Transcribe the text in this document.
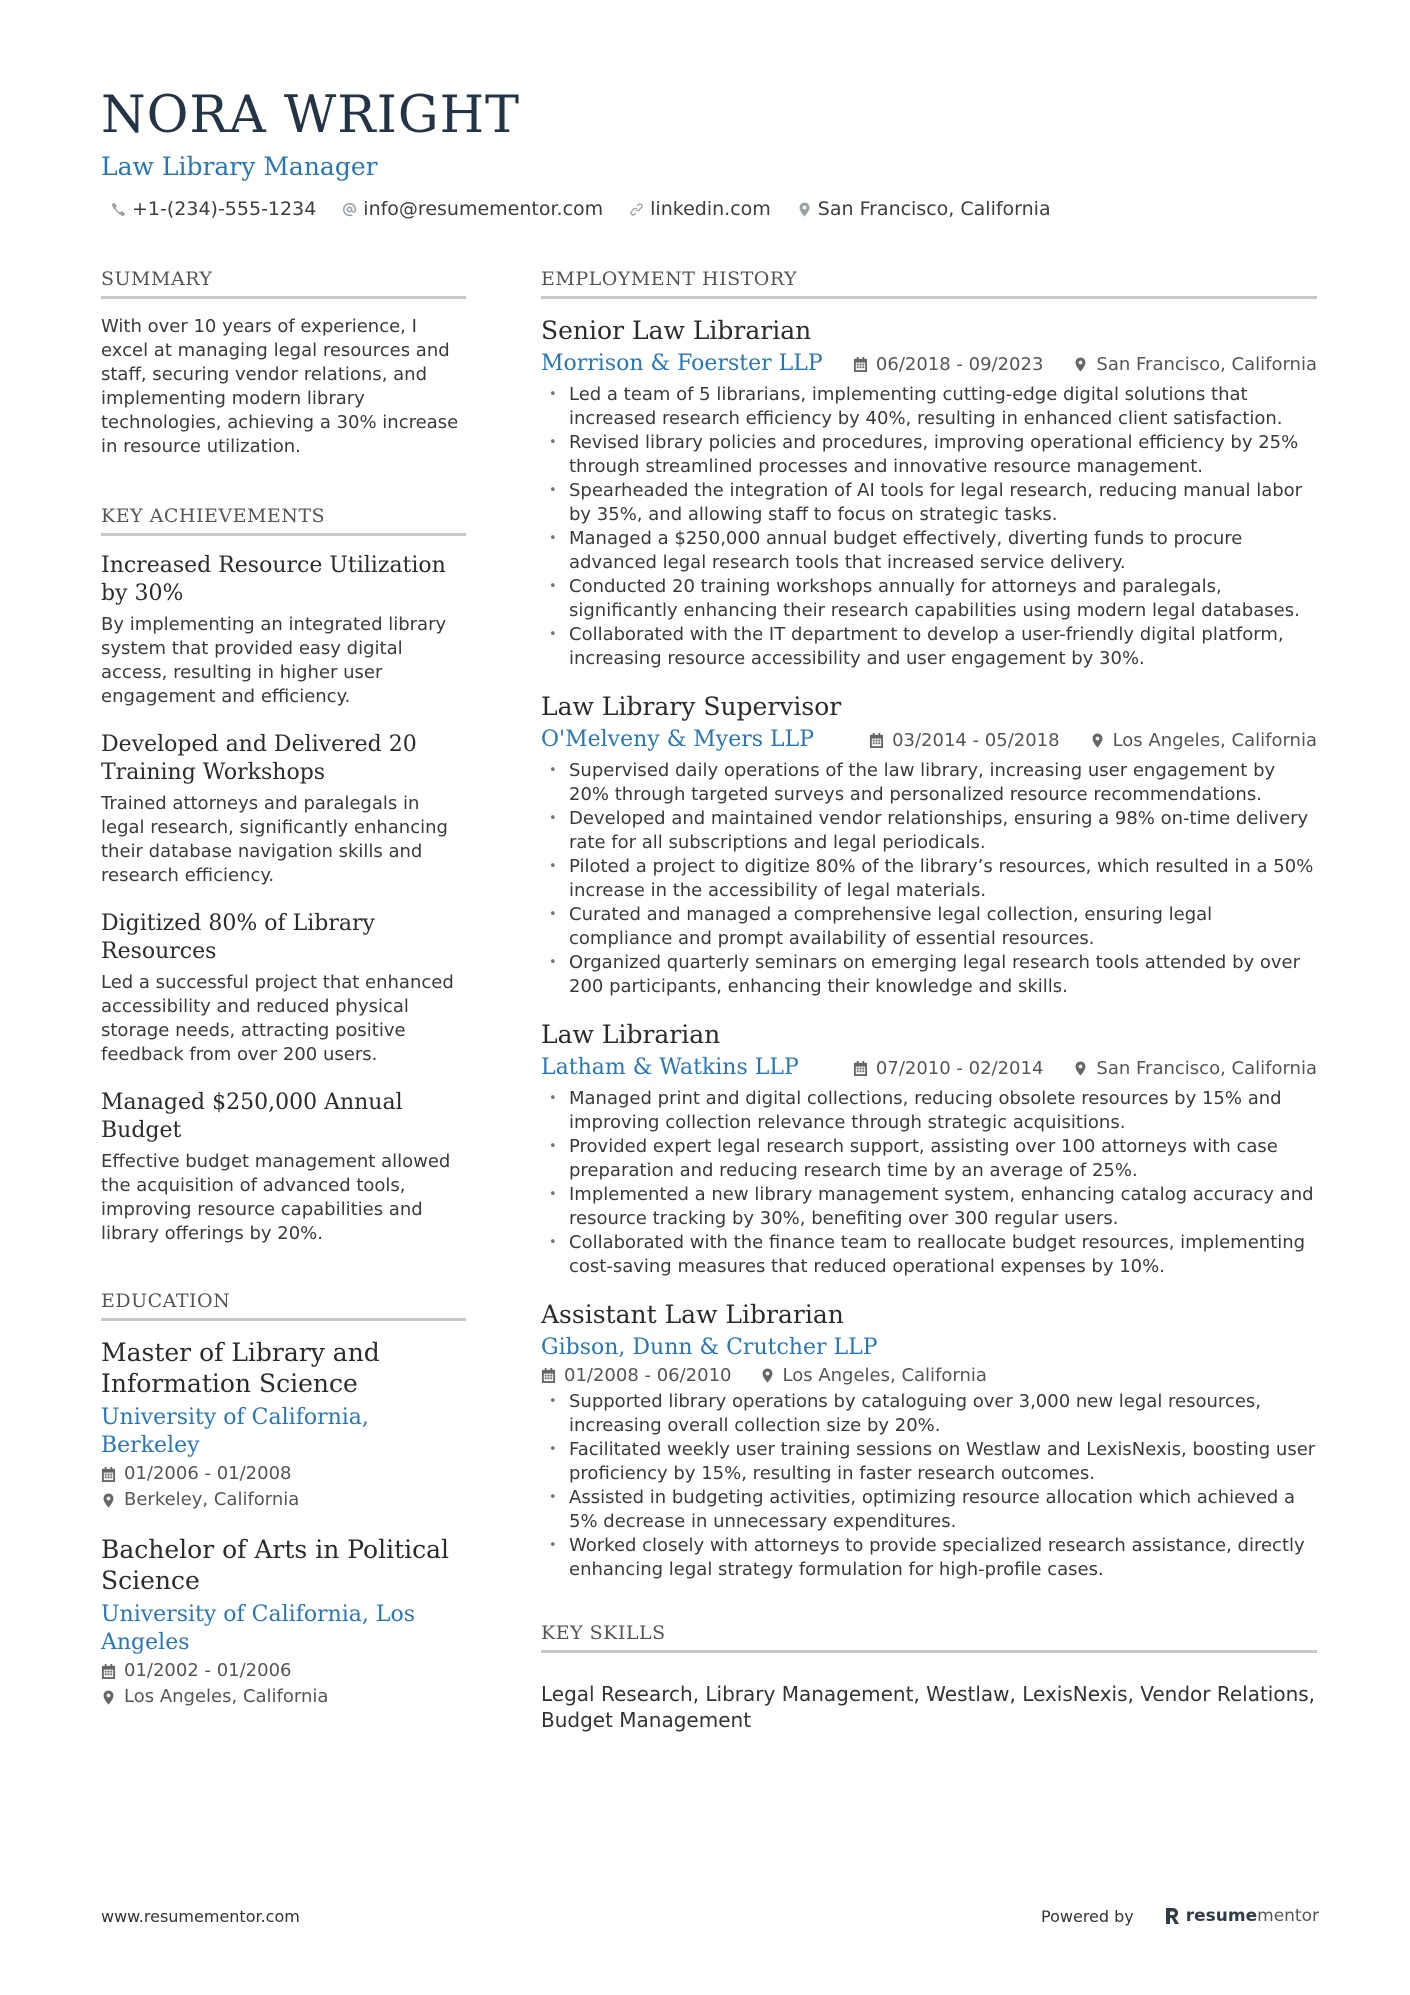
NORA WRIGHT
Law Library Manager
+1-(234)-555-1234 info@resumementor.com linkedin.com San Francisco, California
SUMMARY
With over 10 years of experience, I excel at managing legal resources and staff, securing vendor relations, and implementing modern library technologies, achieving a 30% increase in resource utilization.
KEY ACHIEVEMENTS
Increased Resource Utilization by 30%
By implementing an integrated library system that provided easy digital access, resulting in higher user engagement and efficiency.
Developed and Delivered 20 Training Workshops
Trained attorneys and paralegals in legal research, significantly enhancing their database navigation skills and research efficiency.
Digitized 80% of Library Resources
Led a successful project that enhanced accessibility and reduced physical storage needs, attracting positive feedback from over 200 users.
Managed $250,000 Annual Budget
Effective budget management allowed the acquisition of advanced tools, improving resource capabilities and library offerings by 20%.
EDUCATION
Master of Library and Information Science
University of California, Berkeley
01/2006 - 01/2008
Berkeley, California
Bachelor of Arts in Political Science
University of California, Los Angeles
01/2002 - 01/2006
Los Angeles, California
EMPLOYMENT HISTORY
Senior Law Librarian
Morrison & Foerster LLP	06/2018 - 09/2023	San Francisco, California
• Led a team of 5 librarians, implementing cutting-edge digital solutions that increased research efficiency by 40%, resulting in enhanced client satisfaction.
• Revised library policies and procedures, improving operational efficiency by 25% through streamlined processes and innovative resource management.
• Spearheaded the integration of AI tools for legal research, reducing manual labor by 35%, and allowing staff to focus on strategic tasks.
• Managed a $250,000 annual budget effectively, diverting funds to procure advanced legal research tools that increased service delivery.
• Conducted 20 training workshops annually for attorneys and paralegals, significantly enhancing their research capabilities using modern legal databases.
• Collaborated with the IT department to develop a user-friendly digital platform, increasing resource accessibility and user engagement by 30%.
Law Library Supervisor
O'Melveny & Myers LLP	03/2014 - 05/2018	Los Angeles, California
• Supervised daily operations of the law library, increasing user engagement by 20% through targeted surveys and personalized resource recommendations.
• Developed and maintained vendor relationships, ensuring a 98% on-time delivery rate for all subscriptions and legal periodicals.
• Piloted a project to digitize 80% of the library’s resources, which resulted in a 50% increase in the accessibility of legal materials.
• Curated and managed a comprehensive legal collection, ensuring legal compliance and prompt availability of essential resources.
• Organized quarterly seminars on emerging legal research tools attended by over 200 participants, enhancing their knowledge and skills.
Law Librarian
Latham & Watkins LLP	07/2010 - 02/2014	San Francisco, California
• Managed print and digital collections, reducing obsolete resources by 15% and improving collection relevance through strategic acquisitions.
• Provided expert legal research support, assisting over 100 attorneys with case preparation and reducing research time by an average of 25%.
• Implemented a new library management system, enhancing catalog accuracy and resource tracking by 30%, benefiting over 300 regular users.
• Collaborated with the finance team to reallocate budget resources, implementing cost-saving measures that reduced operational expenses by 10%.
Assistant Law Librarian
Gibson, Dunn & Crutcher LLP
01/2008 - 06/2010	Los Angeles, California
• Supported library operations by cataloguing over 3,000 new legal resources, increasing overall collection size by 20%.
• Facilitated weekly user training sessions on Westlaw and LexisNexis, boosting user proficiency by 15%, resulting in faster research outcomes.
• Assisted in budgeting activities, optimizing resource allocation which achieved a 5% decrease in unnecessary expenditures.
• Worked closely with attorneys to provide specialized research assistance, directly enhancing legal strategy formulation for high-profile cases.
KEY SKILLS
Legal Research, Library Management, Westlaw, LexisNexis, Vendor Relations, Budget Management
www.resumementor.com	Powered by	resumementor
